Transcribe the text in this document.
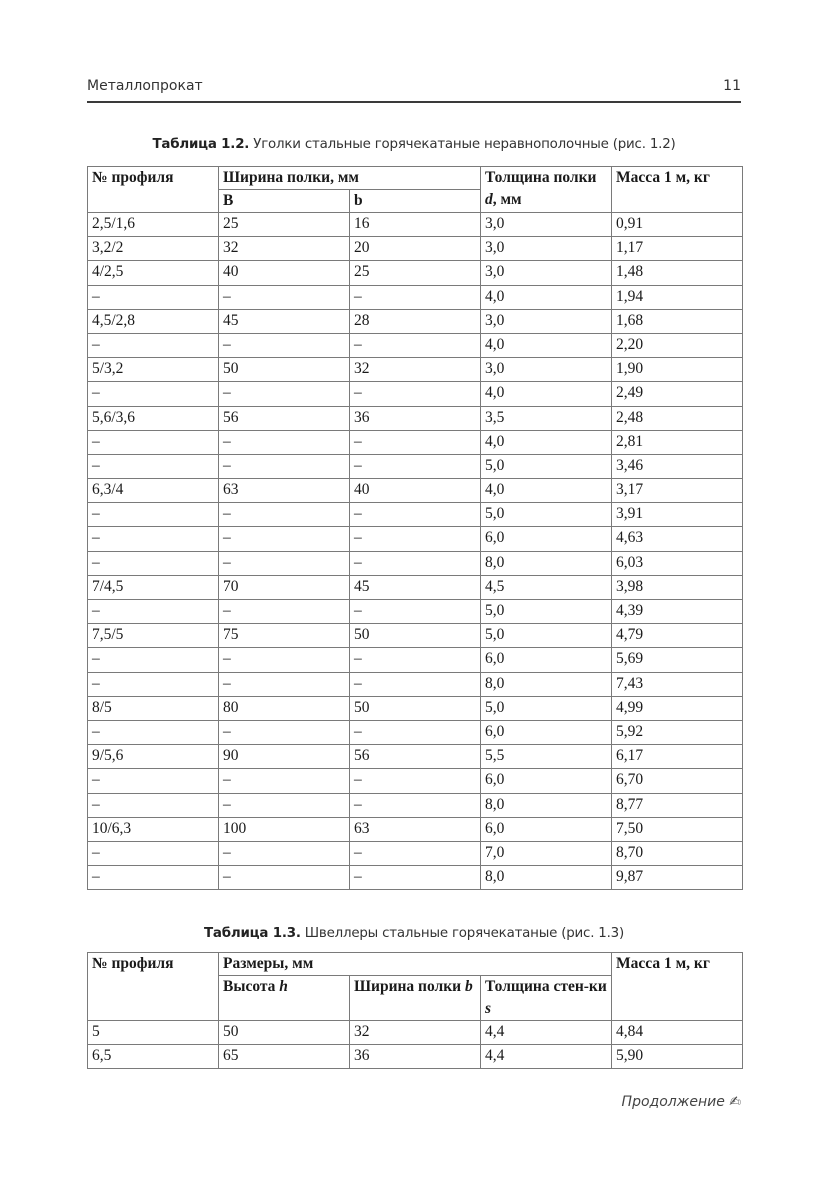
Металлопрокат	11
Таблица 1.2. Уголки стальные горячекатаные неравнополочные (рис. 1.2)
№ профиля	Ширина полки, мм		Толщина полки d, мм	Масса 1 м, кг
	B	b		
2,5/1,6	25	16	3,0	0,91
3,2/2	32	20	3,0	1,17
4/2,5	40	25	3,0	1,48
–	–	–	4,0	1,94
4,5/2,8	45	28	3,0	1,68
–	–	–	4,0	2,20
5/3,2	50	32	3,0	1,90
–	–	–	4,0	2,49
5,6/3,6	56	36	3,5	2,48
–	–	–	4,0	2,81
–	–	–	5,0	3,46
6,3/4	63	40	4,0	3,17
–	–	–	5,0	3,91
–	–	–	6,0	4,63
–	–	–	8,0	6,03
7/4,5	70	45	4,5	3,98
–	–	–	5,0	4,39
7,5/5	75	50	5,0	4,79
–	–	–	6,0	5,69
–	–	–	8,0	7,43
8/5	80	50	5,0	4,99
–	–	–	6,0	5,92
9/5,6	90	56	5,5	6,17
–	–	–	6,0	6,70
–	–	–	8,0	8,77
10/6,3	100	63	6,0	7,50
–	–	–	7,0	8,70
–	–	–	8,0	9,87
Таблица 1.3. Швеллеры стальные горячекатаные (рис. 1.3)
№ профиля	Размеры, мм			Масса 1 м, кг
	Высота h	Ширина полки b	Толщина стен-ки s	
5	50	32	4,4	4,84
6,5	65	36	4,4	5,90
Продолжение ✍
